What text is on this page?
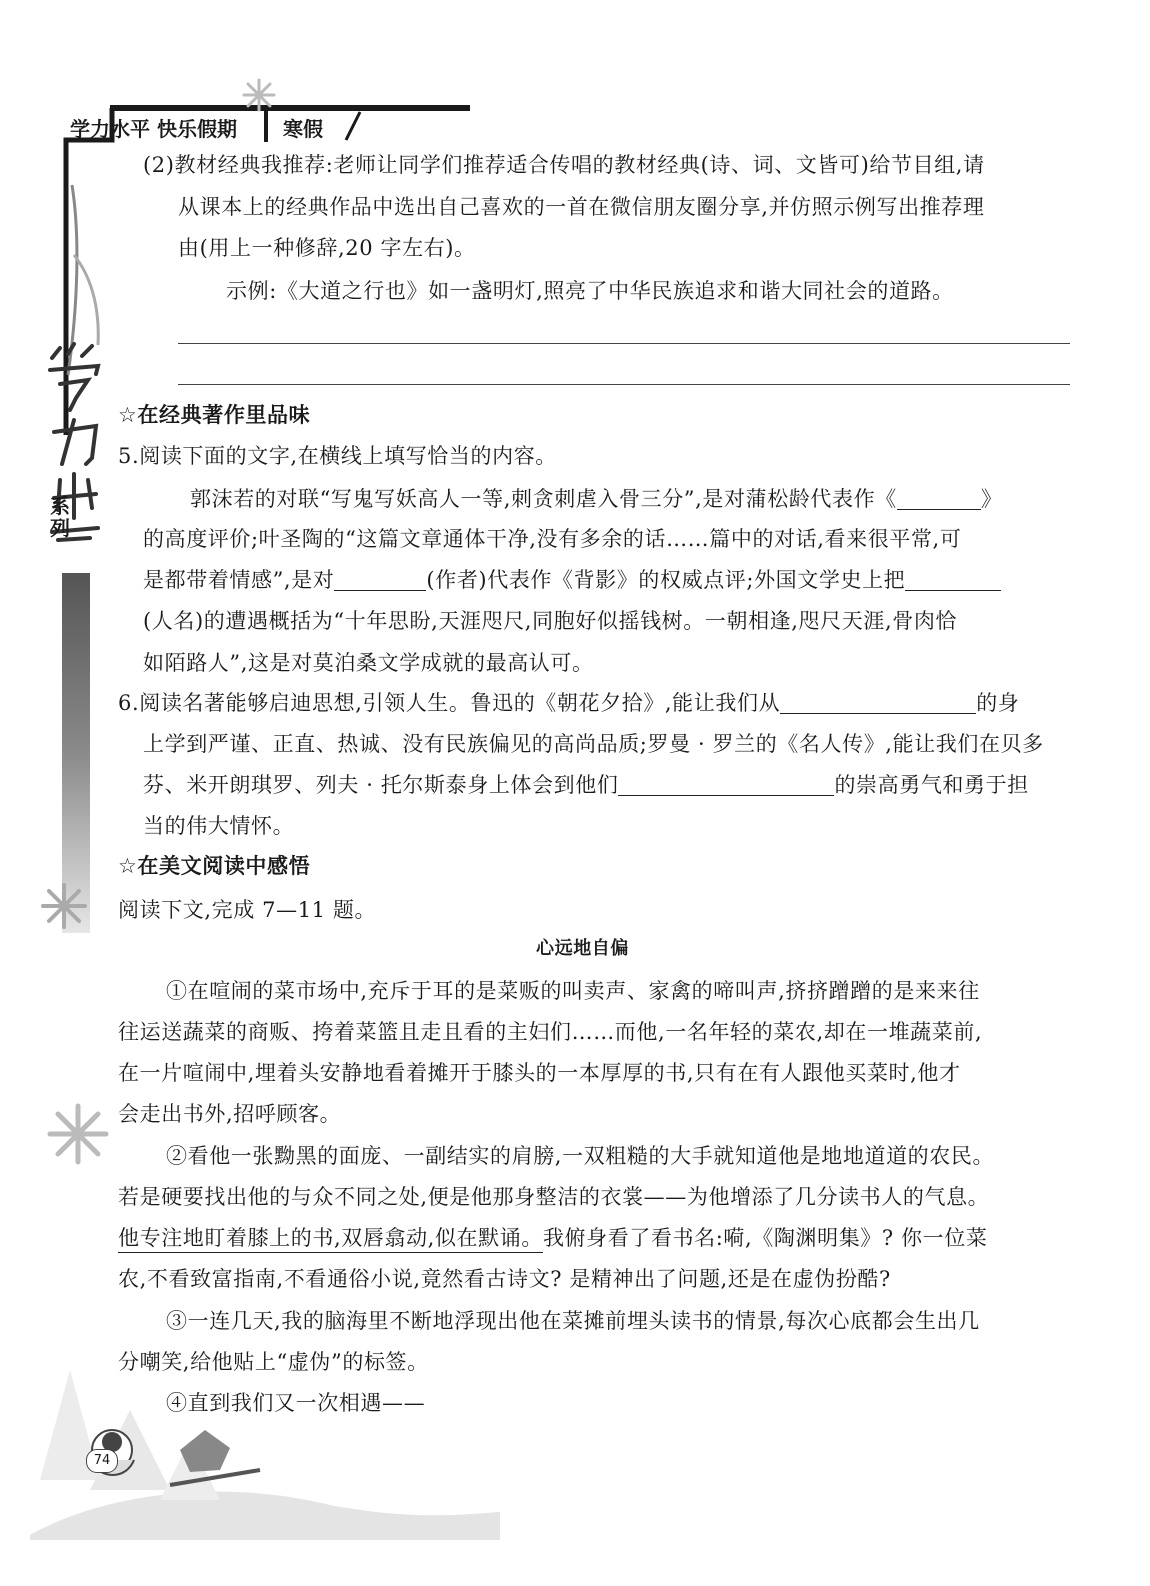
学力水平 快乐假期 寒假
系列
(2)教材经典我推荐:老师让同学们推荐适合传唱的教材经典(诗、词、文皆可)给节目组,请
从课本上的经典作品中选出自己喜欢的一首在微信朋友圈分享,并仿照示例写出推荐理
由(用上一种修辞,20 字左右)。
示例:《大道之行也》如一盏明灯,照亮了中华民族追求和谐大同社会的道路。
☆在经典著作里品味
5.阅读下面的文字,在横线上填写恰当的内容。
郭沫若的对联“写鬼写妖高人一等,刺贪刺虐入骨三分”,是对蒲松龄代表作《	》
的高度评价;叶圣陶的“这篇文章通体干净,没有多余的话……篇中的对话,看来很平常,可
是都带着情感”,是对	(作者)代表作《背影》的权威点评;外国文学史上把
(人名)的遭遇概括为“十年思盼,天涯咫尺,同胞好似摇钱树。一朝相逢,咫尺天涯,骨肉恰
如陌路人”,这是对莫泊桑文学成就的最高认可。
6.阅读名著能够启迪思想,引领人生。鲁迅的《朝花夕拾》,能让我们从	的身
上学到严谨、正直、热诚、没有民族偏见的高尚品质;罗曼 · 罗兰的《名人传》,能让我们在贝多
芬、米开朗琪罗、列夫 · 托尔斯泰身上体会到他们	的崇高勇气和勇于担
当的伟大情怀。
☆在美文阅读中感悟
阅读下文,完成 7—11 题。
心远地自偏
①在喧闹的菜市场中,充斥于耳的是菜贩的叫卖声、家禽的啼叫声,挤挤蹭蹭的是来来往
往运送蔬菜的商贩、挎着菜篮且走且看的主妇们……而他,一名年轻的菜农,却在一堆蔬菜前,
在一片喧闹中,埋着头安静地看着摊开于膝头的一本厚厚的书,只有在有人跟他买菜时,他才
会走出书外,招呼顾客。
②看他一张黝黑的面庞、一副结实的肩膀,一双粗糙的大手就知道他是地地道道的农民。
若是硬要找出他的与众不同之处,便是他那身整洁的衣裳——为他增添了几分读书人的气息。
他专注地盯着膝上的书,双唇翕动,似在默诵。我俯身看了看书名:嗬,《陶渊明集》? 你一位菜
农,不看致富指南,不看通俗小说,竟然看古诗文? 是精神出了问题,还是在虚伪扮酷?
③一连几天,我的脑海里不断地浮现出他在菜摊前埋头读书的情景,每次心底都会生出几
分嘲笑,给他贴上“虚伪”的标签。
④直到我们又一次相遇——
74
